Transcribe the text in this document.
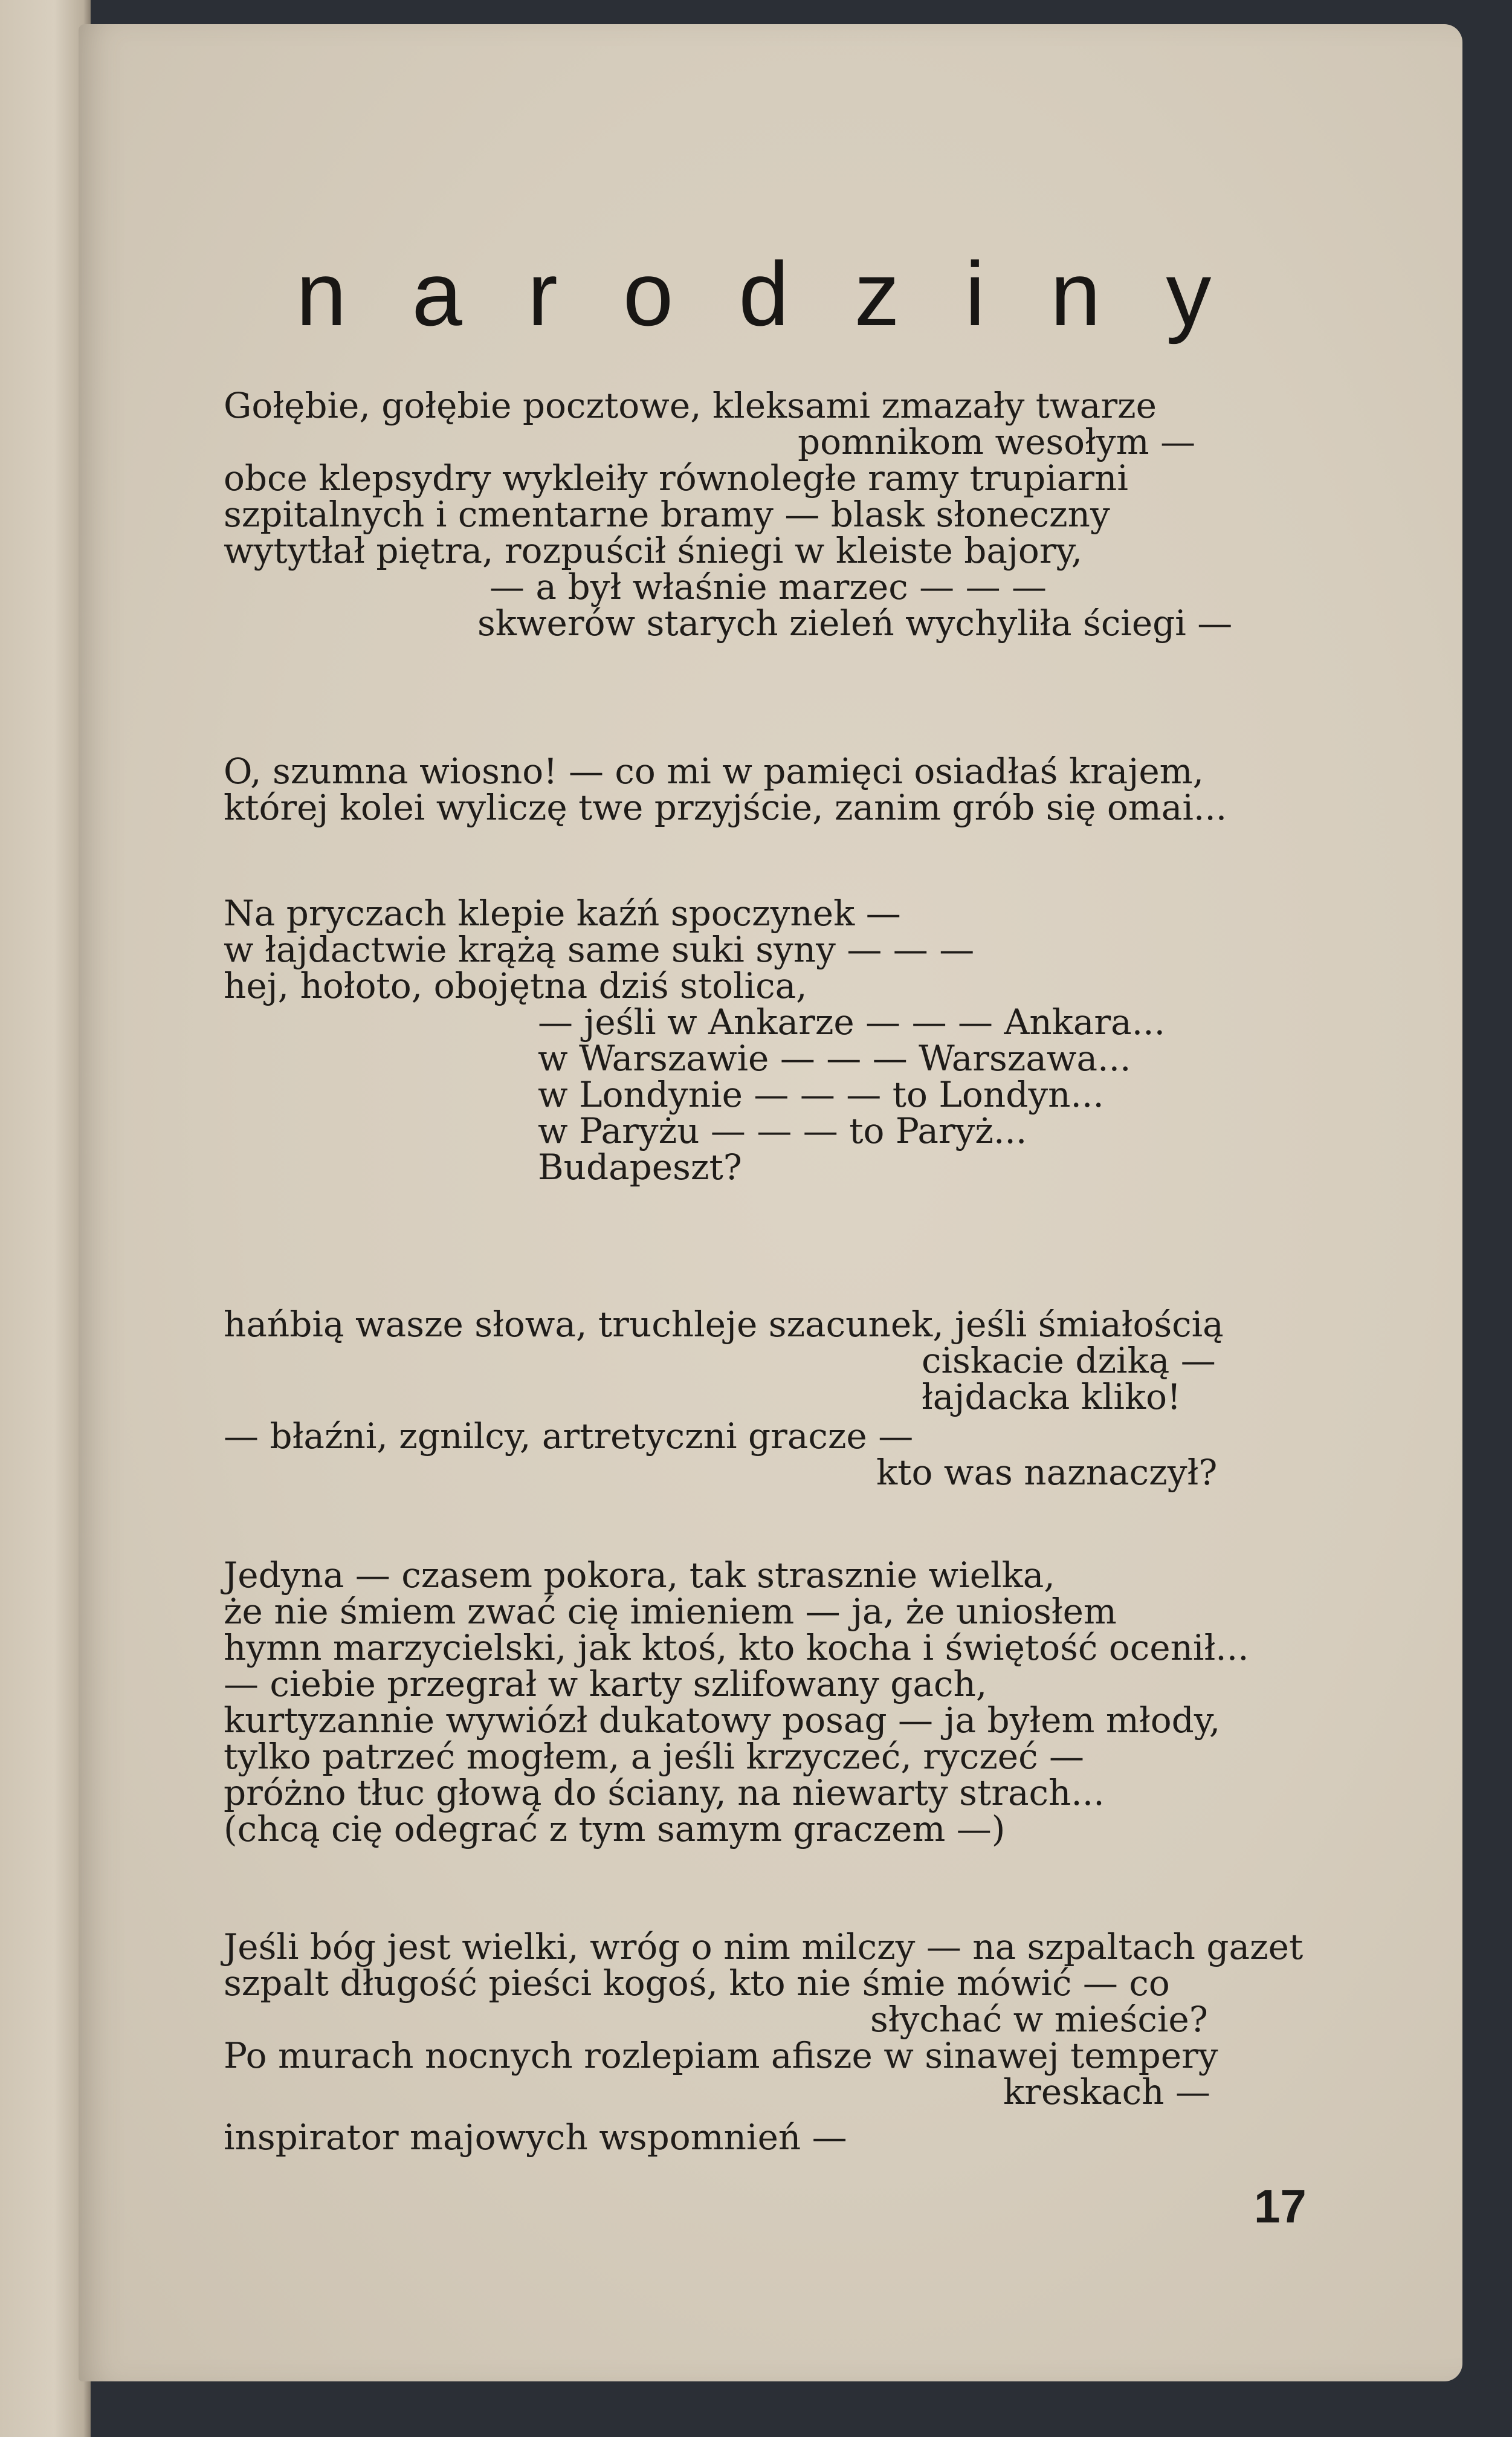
narodziny
Gołębie, gołębie pocztowe, kleksami zmazały twarze
pomnikom wesołym —
obce klepsydry wykleiły równoległe ramy trupiarni
szpitalnych i cmentarne bramy — blask słoneczny
wytytłał piętra, rozpuścił śniegi w kleiste bajory,
— a był właśnie marzec — — —
skwerów starych zieleń wychyliła ściegi —
O, szumna wiosno! — co mi w pamięci osiadłaś krajem,
której kolei wyliczę twe przyjście, zanim grób się omai...
Na pryczach klepie kaźń spoczynek —
w łajdactwie krążą same suki syny — — —
hej, hołoto, obojętna dziś stolica,
— jeśli w Ankarze — — — Ankara...
w Warszawie — — — Warszawa...
w Londynie — — — to Londyn...
w Paryżu — — — to Paryż...
Budapeszt?
hańbią wasze słowa, truchleje szacunek, jeśli śmiałością
ciskacie dziką —
łajdacka kliko!
— błaźni, zgnilcy, artretyczni gracze —
kto was naznaczył?
Jedyna — czasem pokora, tak strasznie wielka,
że nie śmiem zwać cię imieniem — ja, że uniosłem
hymn marzycielski, jak ktoś, kto kocha i świętość ocenił...
— ciebie przegrał w karty szlifowany gach,
kurtyzannie wywiózł dukatowy posag — ja byłem młody,
tylko patrzeć mogłem, a jeśli krzyczeć, ryczeć —
próżno tłuc głową do ściany, na niewarty strach...
(chcą cię odegrać z tym samym graczem —)
Jeśli bóg jest wielki, wróg o nim milczy — na szpaltach gazet
szpalt długość pieści kogoś, kto nie śmie mówić — co
słychać w mieście?
Po murach nocnych rozlepiam afisze w sinawej tempery
kreskach —
inspirator majowych wspomnień —
17
